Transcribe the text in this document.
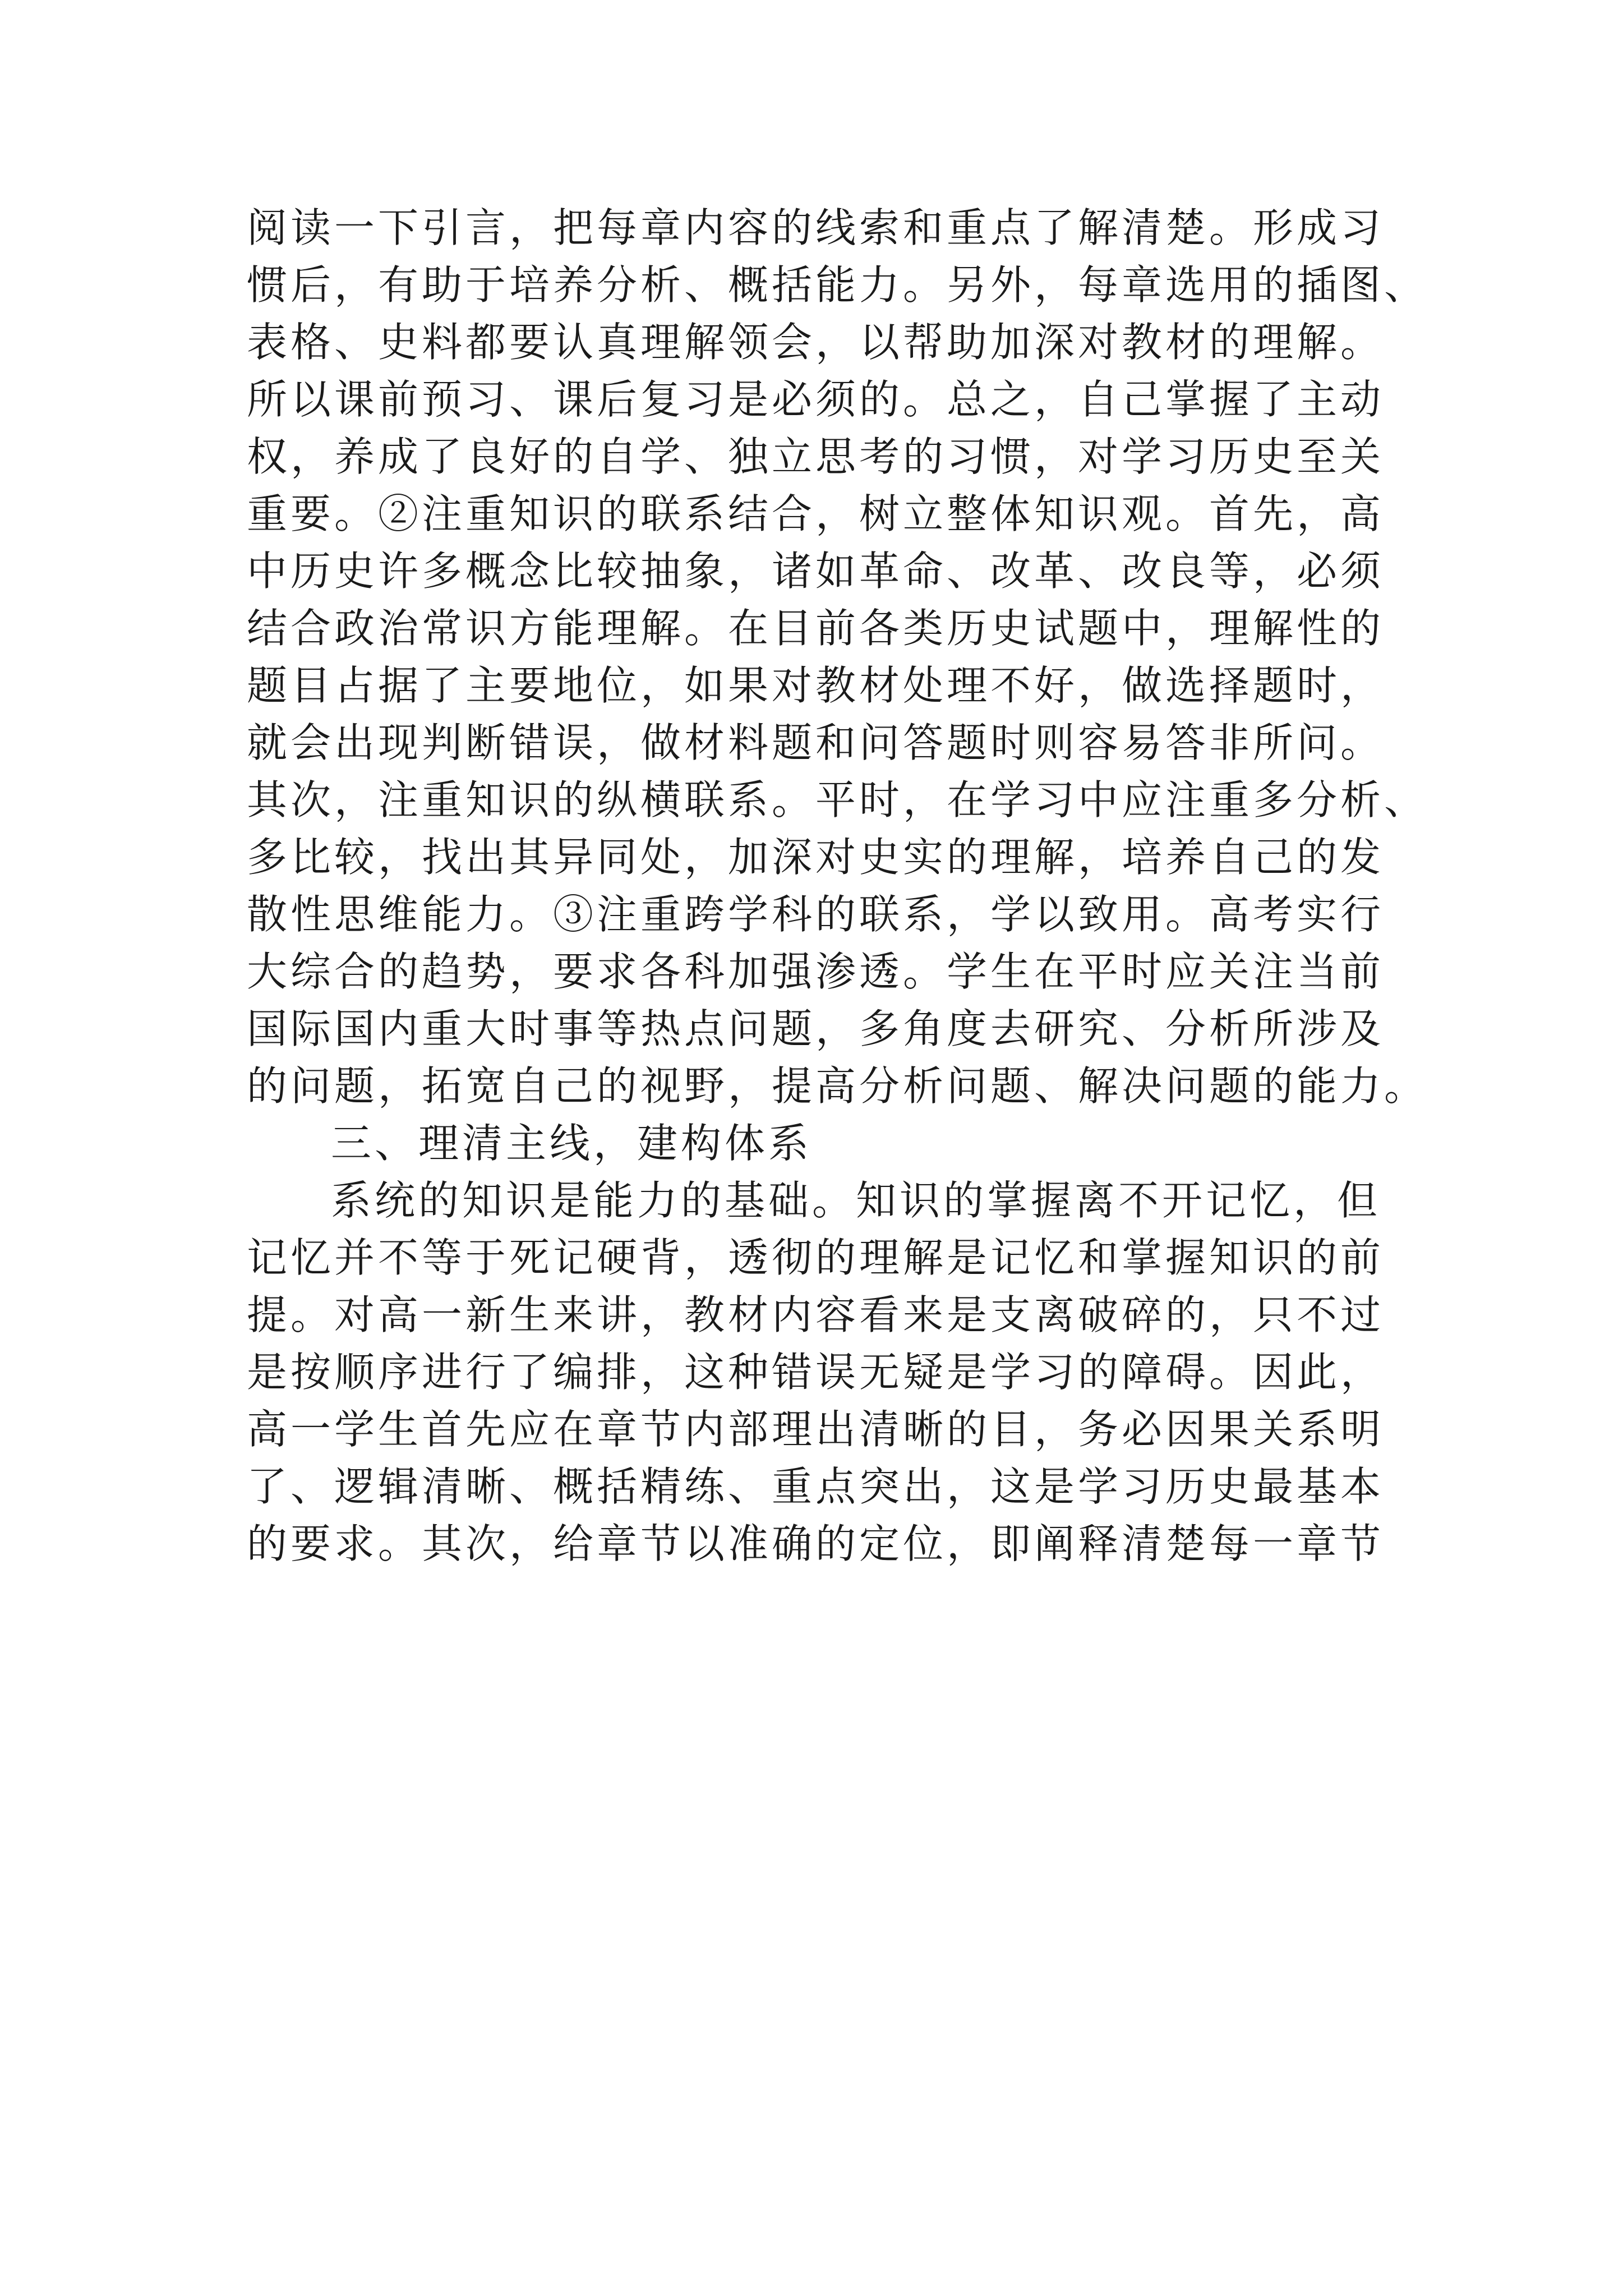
阅读一下引言，把每章内容的线索和重点了解清楚。形成习
惯后，有助于培养分析、概括能力。另外，每章选用的插图、
表格、史料都要认真理解领会，以帮助加深对教材的理解。
所以课前预习、课后复习是必须的。总之，自己掌握了主动
权，养成了良好的自学、独立思考的习惯，对学习历史至关
重要。②注重知识的联系结合，树立整体知识观。首先，高
中历史许多概念比较抽象，诸如革命、改革、改良等，必须
结合政治常识方能理解。在目前各类历史试题中，理解性的
题目占据了主要地位，如果对教材处理不好，做选择题时，
就会出现判断错误，做材料题和问答题时则容易答非所问。
其次，注重知识的纵横联系。平时，在学习中应注重多分析、
多比较，找出其异同处，加深对史实的理解，培养自己的发
散性思维能力。③注重跨学科的联系，学以致用。高考实行
大综合的趋势，要求各科加强渗透。学生在平时应关注当前
国际国内重大时事等热点问题，多角度去研究、分析所涉及
的问题，拓宽自己的视野，提高分析问题、解决问题的能力。
三、理清主线，建构体系
系统的知识是能力的基础。知识的掌握离不开记忆，但
记忆并不等于死记硬背，透彻的理解是记忆和掌握知识的前
提。对高一新生来讲，教材内容看来是支离破碎的，只不过
是按顺序进行了编排，这种错误无疑是学习的障碍。因此，
高一学生首先应在章节内部理出清晰的目，务必因果关系明
了、逻辑清晰、概括精练、重点突出，这是学习历史最基本
的要求。其次，给章节以准确的定位，即阐释清楚每一章节
